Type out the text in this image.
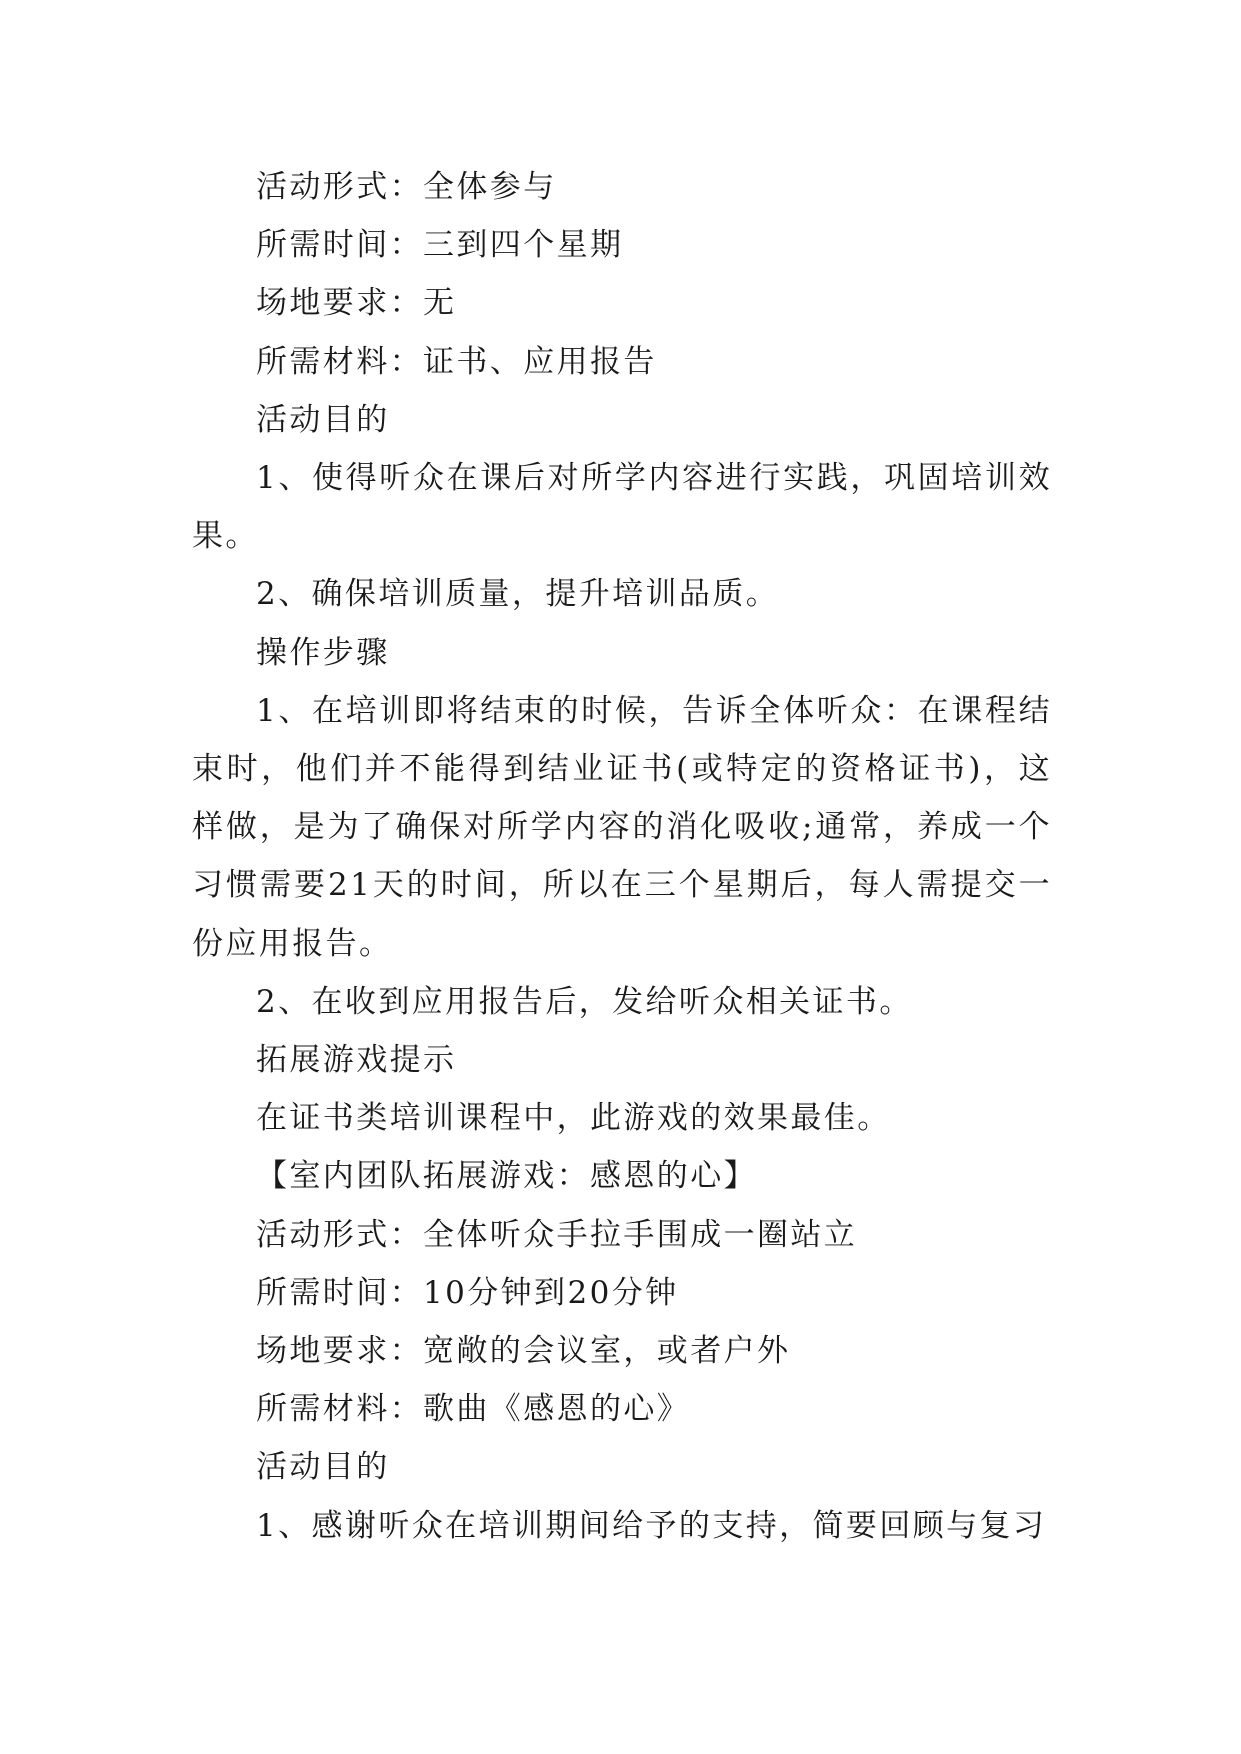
活动形式：全体参与

所需时间：三到四个星期

场地要求：无

所需材料：证书、应用报告

活动目的

1、使得听众在课后对所学内容进行实践，巩固培训效果。

2、确保培训质量，提升培训品质。

操作步骤

1、在培训即将结束的时候，告诉全体听众：在课程结束时，他们并不能得到结业证书(或特定的资格证书)，这样做，是为了确保对所学内容的消化吸收;通常，养成一个习惯需要21天的时间，所以在三个星期后，每人需提交一份应用报告。

2、在收到应用报告后，发给听众相关证书。

拓展游戏提示

在证书类培训课程中，此游戏的效果最佳。

【室内团队拓展游戏：感恩的心】

活动形式：全体听众手拉手围成一圈站立

所需时间：10分钟到20分钟

场地要求：宽敞的会议室，或者户外

所需材料：歌曲《感恩的心》

活动目的

1、感谢听众在培训期间给予的支持，简要回顾与复习
